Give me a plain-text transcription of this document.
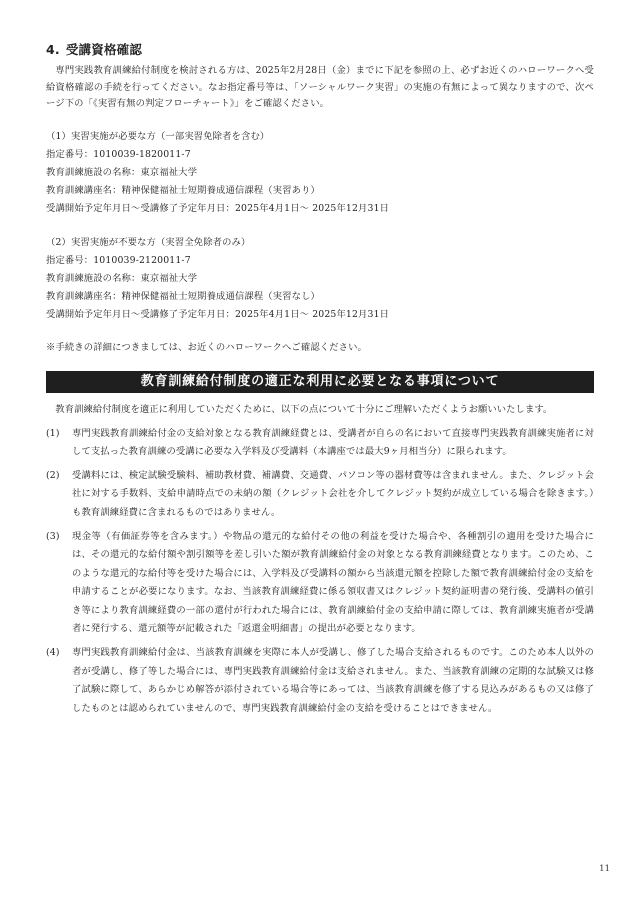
4. 受講資格確認

専門実践教育訓練給付制度を検討される方は、2025年2月28日（金）までに下記を参照の上、必ずお近くのハローワークへ受給資格確認の手続を行ってください。なお指定番号等は、「ソーシャルワーク実習」の実施の有無によって異なりますので、次ページ下の「《実習有無の判定フローチャート》」をご確認ください。

（1）実習実施が必要な方（一部実習免除者を含む）
指定番号：1010039-1820011-7
教育訓練施設の名称：東京福祉大学
教育訓練講座名：精神保健福祉士短期養成通信課程（実習あり）
受講開始予定年月日～受講修了予定年月日：2025年4月1日～ 2025年12月31日
（2）実習実施が不要な方（実習全免除者のみ）
指定番号：1010039-2120011-7
教育訓練施設の名称：東京福祉大学
教育訓練講座名：精神保健福祉士短期養成通信課程（実習なし）
受講開始予定年月日～受講修了予定年月日：2025年4月1日～ 2025年12月31日

※手続きの詳細につきましては、お近くのハローワークへご確認ください。

教育訓練給付制度の適正な利用に必要となる事項について

教育訓練給付制度を適正に利用していただくために、以下の点について十分にご理解いただくようお願いいたします。

(1)	専門実践教育訓練給付金の支給対象となる教育訓練経費とは、受講者が自らの名において直接専門実践教育訓練実施者に対して支払った教育訓練の受講に必要な入学料及び受講料（本講座では最大9ヶ月相当分）に限られます。
(2)	受講料には、検定試験受験料、補助教材費、補講費、交通費、パソコン等の器材費等は含まれません。また、クレジット会社に対する手数料、支給申請時点での未納の額（クレジット会社を介してクレジット契約が成立している場合を除きます。）も教育訓練経費に含まれるものではありません。
(3)	現金等（有価証券等を含みます。）や物品の還元的な給付その他の利益を受けた場合や、各種割引の適用を受けた場合には、その還元的な給付額や割引額等を差し引いた額が教育訓練給付金の対象となる教育訓練経費となります。このため、このような還元的な給付等を受けた場合には、入学料及び受講料の額から当該還元額を控除した額で教育訓練給付金の支給を申請することが必要になります。なお、当該教育訓練経費に係る領収書又はクレジット契約証明書の発行後、受講料の値引き等により教育訓練経費の一部の還付が行われた場合には、教育訓練給付金の支給申請に際しては、教育訓練実施者が受講者に発行する、還元額等が記載された「返還金明細書」の提出が必要となります。
(4)	専門実践教育訓練給付金は、当該教育訓練を実際に本人が受講し、修了した場合支給されるものです。このため本人以外の者が受講し、修了等した場合には、専門実践教育訓練給付金は支給されません。また、当該教育訓練の定期的な試験又は修了試験に際して、あらかじめ解答が添付されている場合等にあっては、当該教育訓練を修了する見込みがあるもの又は修了したものとは認められていませんので、専門実践教育訓練給付金の支給を受けることはできません。
11
